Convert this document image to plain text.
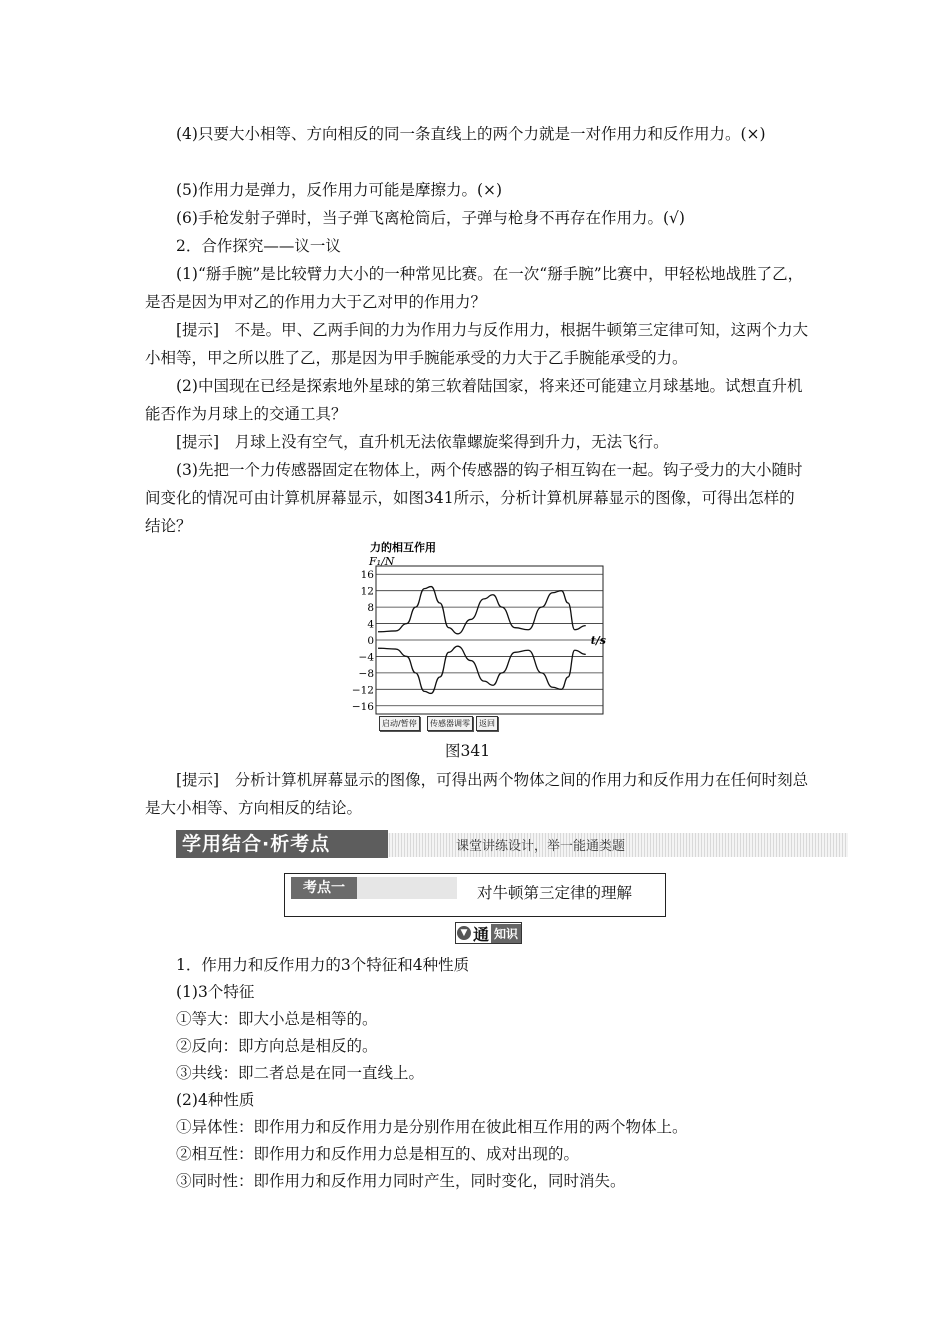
(4)只要大小相等、方向相反的同一条直线上的两个力就是一对作用力和反作用力。(×)

(5)作用力是弹力，反作用力可能是摩擦力。(×)

(6)手枪发射子弹时，当子弹飞离枪筒后，子弹与枪身不再存在作用力。(√)

2．合作探究——议一议

(1)“掰手腕”是比较臂力大小的一种常见比赛。在一次“掰手腕”比赛中，甲轻松地战胜了乙，是否是因为甲对乙的作用力大于乙对甲的作用力？

[提示]　不是。甲、乙两手间的力为作用力与反作用力，根据牛顿第三定律可知，这两个力大小相等，甲之所以胜了乙，那是因为甲手腕能承受的力大于乙手腕能承受的力。

(2)中国现在已经是探索地外星球的第三软着陆国家，将来还可能建立月球基地。试想直升机能否作为月球上的交通工具？

[提示]　月球上没有空气，直升机无法依靠螺旋桨得到升力，无法飞行。

(3)先把一个力传感器固定在物体上，两个传感器的钩子相互钩在一起。钩子受力的大小随时间变化的情况可由计算机屏幕显示，如图341所示，分析计算机屏幕显示的图像，可得出怎样的结论？

力的相互作用
F₁/N
16
12
8
4
0
−4
−8
−12
−16
t/s
启动/暂停	传感器调零	返回
图341

[提示]　分析计算机屏幕显示的图像，可得出两个物体之间的作用力和反作用力在任何时刻总是大小相等、方向相反的结论。

学用结合·析考点	课堂讲练设计，举一能通类题
考点一	对牛顿第三定律的理解
▼ 通 知识
1．作用力和反作用力的3个特征和4种性质
(1)3个特征
①等大：即大小总是相等的。
②反向：即方向总是相反的。
③共线：即二者总是在同一直线上。
(2)4种性质
①异体性：即作用力和反作用力是分别作用在彼此相互作用的两个物体上。
②相互性：即作用力和反作用力总是相互的、成对出现的。
③同时性：即作用力和反作用力同时产生，同时变化，同时消失。
